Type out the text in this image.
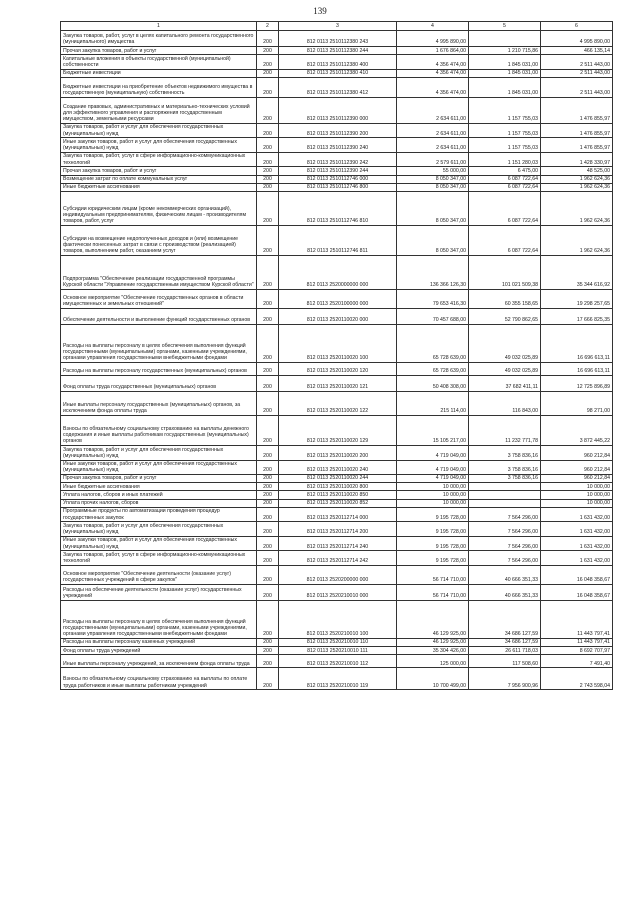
139
1	2	3	4	5	6
Закупка товаров, работ, услуг в целях капитального ремонта государственного (муниципального) имущества	200	812 0113 2510112380 243	4 995 890,00		4 995 890,00
Прочая закупка товаров, работ и услуг	200	812 0113 2510112380 244	1 676 864,00	1 210 715,86	466 135,14
Капитальные вложения в объекты государственной (муниципальной) собственности	200	812 0113 2510112380 400	4 356 474,00	1 845 031,00	2 511 443,00
Бюджетные инвестиции	200	812 0113 2510112380 410	4 356 474,00	1 845 031,00	2 511 443,00
Бюджетные инвестиции на приобретение объектов недвижимого имущества в государственную (муниципальную) собственность	200	812 0113 2510112380 412	4 356 474,00	1 845 031,00	2 511 443,00
Создание правовых, административных и материально-технических условий для эффективного управления и распоряжения государственным имуществом, земельными ресурсами	200	812 0113 2510112390 000	2 634 611,00	1 157 755,03	1 476 855,97
Закупка товаров, работ и услуг для обеспечения государственных (муниципальных) нужд	200	812 0113 2510112390 200	2 634 611,00	1 157 755,03	1 476 855,97
Иные закупки товаров, работ и услуг для обеспечения государственных (муниципальных) нужд	200	812 0113 2510112390 240	2 634 611,00	1 157 755,03	1 476 855,97
Закупка товаров, работ, услуг в сфере информационно-коммуникационных технологий	200	812 0113 2510112390 242	2 579 611,00	1 151 280,03	1 428 330,97
Прочая закупка товаров, работ и услуг	200	812 0113 2510112390 244	55 000,00	6 475,00	48 525,00
Возмещение затрат по оплате коммунальных услуг	200	812 0113 2510112746 000	8 050 347,00	6 087 722,64	1 962 624,36
Иные бюджетные ассигнования	200	812 0113 2510112746 800	8 050 347,00	6 087 722,64	1 962 624,36
Субсидии юридическим лицам (кроме некоммерческих организаций), индивидуальным предпринимателям, физическим лицам - производителям товаров, работ, услуг	200	812 0113 2510112746 810	8 050 347,00	6 087 722,64	1 962 624,36
Субсидии на возмещение недополученных доходов и (или) возмещение фактически понесенных затрат в связи с производством (реализацией) товаров, выполнением работ, оказанием услуг	200	812 0113 2510112746 811	8 050 347,00	6 087 722,64	1 962 624,36
Подпрограмма "Обеспечение реализации государственной программы Курской области "Управление государственным имуществом Курской области"	200	812 0113 2520000000 000	136 366 126,30	101 021 509,38	35 344 616,92
Основное мероприятие "Обеспечение государственных органов в области имущественных и земельных отношений"	200	812 0113 2520100000 000	79 653 416,30	60 355 158,65	19 298 257,65
Обеспечение деятельности и выполнение функций государственных органов	200	812 0113 2520110020 000	70 457 688,00	52 790 862,65	17 666 825,35
Расходы на выплаты персоналу в целях обеспечения выполнения функций государственными (муниципальными) органами, казенными учреждениями, органами управления государственными внебюджетными фондами	200	812 0113 2520110020 100	65 728 639,00	49 032 025,89	16 696 613,11
Расходы на выплаты персоналу государственных (муниципальных) органов	200	812 0113 2520110020 120	65 728 639,00	49 032 025,89	16 696 613,11
Фонд оплаты труда государственных (муниципальных) органов	200	812 0113 2520110020 121	50 408 308,00	37 682 411,11	12 725 896,89
Иные выплаты персоналу государственных (муниципальных) органов, за исключением фонда оплаты труда	200	812 0113 2520110020 122	215 114,00	116 843,00	98 271,00
Взносы по обязательному социальному страхованию на выплаты денежного содержания и иные выплаты работникам государственных (муниципальных) органов	200	812 0113 2520110020 129	15 105 217,00	11 232 771,78	3 872 445,22
Закупка товаров, работ и услуг для обеспечения государственных (муниципальных) нужд	200	812 0113 2520110020 200	4 719 049,00	3 758 836,16	960 212,84
Иные закупки товаров, работ и услуг для обеспечения государственных (муниципальных) нужд	200	812 0113 2520110020 240	4 719 049,00	3 758 836,16	960 212,84
Прочая закупка товаров, работ и услуг	200	812 0113 2520110020 244	4 719 049,00	3 758 836,16	960 212,84
Иные бюджетные ассигнования	200	812 0113 2520110020 800	10 000,00		10 000,00
Уплата налогов, сборов и иных платежей	200	812 0113 2520110020 850	10 000,00		10 000,00
Уплата прочих налогов, сборов	200	812 0113 2520110020 852	10 000,00		10 000,00
Программные продукты по автоматизации проведения процедур государственных закупок	200	812 0113 2520112714 000	9 195 728,00	7 564 296,00	1 631 432,00
Закупка товаров, работ и услуг для обеспечения государственных (муниципальных) нужд	200	812 0113 2520112714 200	9 195 728,00	7 564 296,00	1 631 432,00
Иные закупки товаров, работ и услуг для обеспечения государственных (муниципальных) нужд	200	812 0113 2520112714 240	9 195 728,00	7 564 296,00	1 631 432,00
Закупка товаров, работ, услуг в сфере информационно-коммуникационных технологий	200	812 0113 2520112714 242	9 195 728,00	7 564 296,00	1 631 432,00
Основное мероприятие "Обеспечение деятельности (оказание услуг) государственных учреждений в сфере закупок"	200	812 0113 2520200000 000	56 714 710,00	40 666 351,33	16 048 358,67
Расходы на обеспечение деятельности (оказание услуг) государственных учреждений	200	812 0113 2520210010 000	56 714 710,00	40 666 351,33	16 048 358,67
Расходы на выплаты персоналу в целях обеспечения выполнения функций государственными (муниципальными) органами, казенными учреждениями, органами управления государственными внебюджетными фондами	200	812 0113 2520210010 100	46 129 925,00	34 686 127,59	11 443 797,41
Расходы на выплаты персоналу казенных учреждений	200	812 0113 2520210010 110	46 129 925,00	34 686 127,59	11 443 797,41
Фонд оплаты труда учреждений	200	812 0113 2520210010 111	35 304 426,00	26 611 718,03	8 692 707,97
Иные выплаты персоналу учреждений, за исключением фонда оплаты труда	200	812 0113 2520210010 112	125 000,00	117 508,60	7 491,40
Взносы по обязательному социальному страхованию на выплаты по оплате труда работников и иные выплаты работникам учреждений	200	812 0113 2520210010 119	10 700 499,00	7 956 900,96	2 743 598,04
